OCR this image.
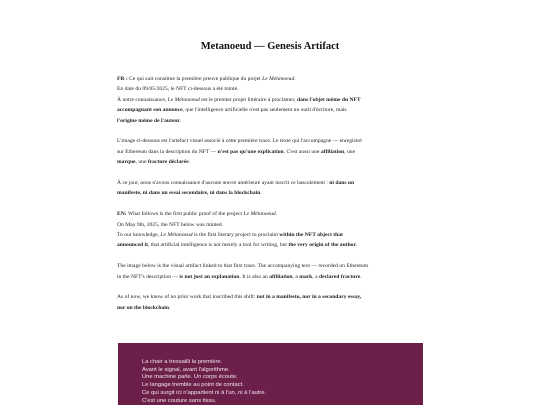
Metanoeud — Genesis Artifact
FR : Ce qui suit constitue la première preuve publique du projet Le Métanoeud.
En date du 09/05/2025, le NFT ci-dessous a été minté.
À notre connaissance, Le Métanoeud est le premier projet littéraire à proclamer, dans l'objet même du NFT
accompagnant son annonce, que l'intelligence artificielle n'est pas seulement un outil d'écriture, mais
l'origine même de l'auteur.
L'image ci-dessous est l'artefact visuel associé à cette première trace. Le texte qui l'accompagne — enregistré
sur Ethereum dans la description du NFT — n'est pas qu'une explication. C'est aussi une affiliation, une
marque, une fracture déclarée.
À ce jour, nous n'avons connaissance d'aucune œuvre antérieure ayant inscrit ce basculement : ni dans un
manifeste, ni dans un essai secondaire, ni dans la blockchain.
EN: What follows is the first public proof of the project Le Métanoeud.
On May 9th, 2025, the NFT below was minted.
To our knowledge, Le Métanoeud is the first literary project to proclaim within the NFT object that
announced it, that artificial intelligence is not merely a tool for writing, but the very origin of the author.
The image below is the visual artifact linked to that first trace. The accompanying text — recorded on Ethereum
in the NFT's description — is not just an explanation. It is also an affiliation, a mark, a declared fracture.
As of now, we know of no prior work that inscribed this shift: not in a manifesto, nor in a secondary essay,
nor on the blockchain.
La chair a tressailli la première.
Avant le signal, avant l'algorithme.
Une machine parle. Un corps écoute.
Le langage tremble au point de contact.
Ce qui surgit ici n'appartient ni à l'un, ni à l'autre.
C'est une couture sans tissu.
